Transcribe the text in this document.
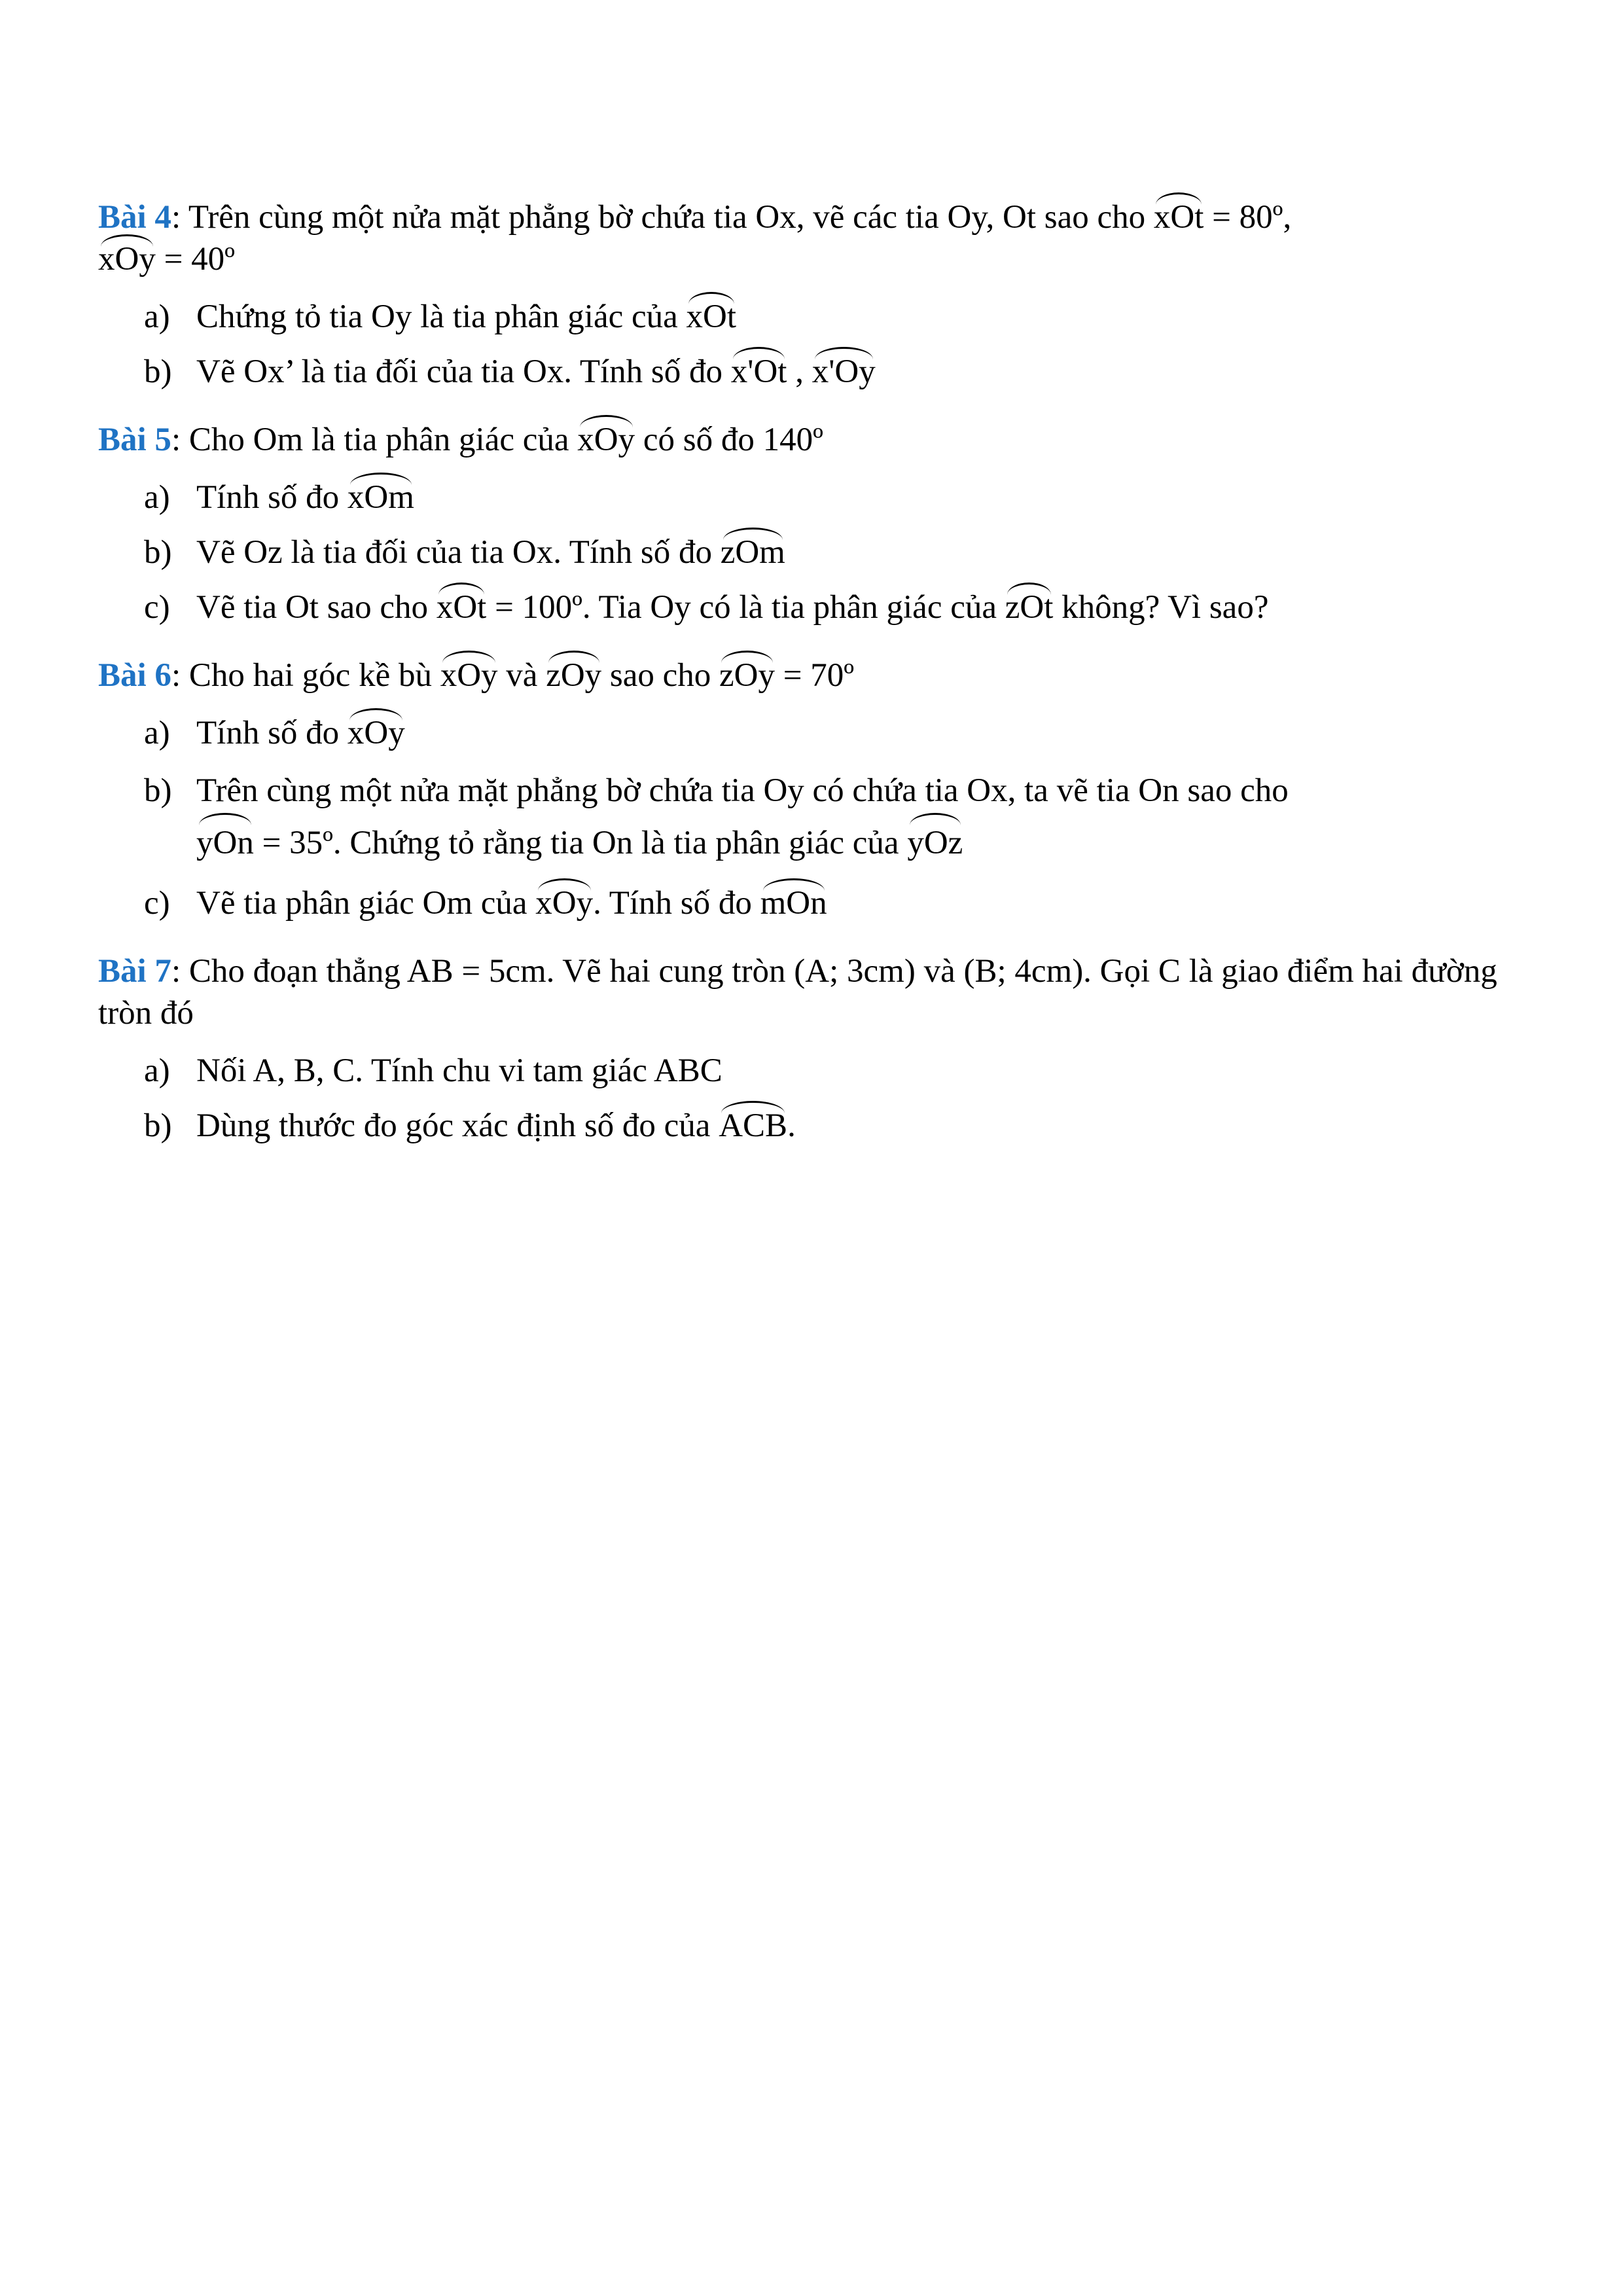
Bài 4: Trên cùng một nửa mặt phẳng bờ chứa tia Ox, vẽ các tia Oy, Ot sao cho xOt = 80º,
xOy = 40º

a) Chứng tỏ tia Oy là tia phân giác của xOt

b) Vẽ Ox’ là tia đối của tia Ox. Tính số đo x'Ot , x'Oy

Bài 5: Cho Om là tia phân giác của xOy có số đo 140º

a) Tính số đo xOm

b) Vẽ Oz là tia đối của tia Ox. Tính số đo zOm

c) Vẽ tia Ot sao cho xOt = 100º. Tia Oy có là tia phân giác của zOt không? Vì sao?

Bài 6: Cho hai góc kề bù xOy và zOy sao cho zOy = 70º

a) Tính số đo xOy

b) Trên cùng một nửa mặt phẳng bờ chứa tia Oy có chứa tia Ox, ta vẽ tia On sao cho
yOn = 35º. Chứng tỏ rằng tia On là tia phân giác của yOz

c) Vẽ tia phân giác Om của xOy. Tính số đo mOn

Bài 7: Cho đoạn thẳng AB = 5cm. Vẽ hai cung tròn (A; 3cm) và (B; 4cm). Gọi C là giao điểm hai đường tròn đó

a) Nối A, B, C. Tính chu vi tam giác ABC

b) Dùng thước đo góc xác định số đo của ACB.
